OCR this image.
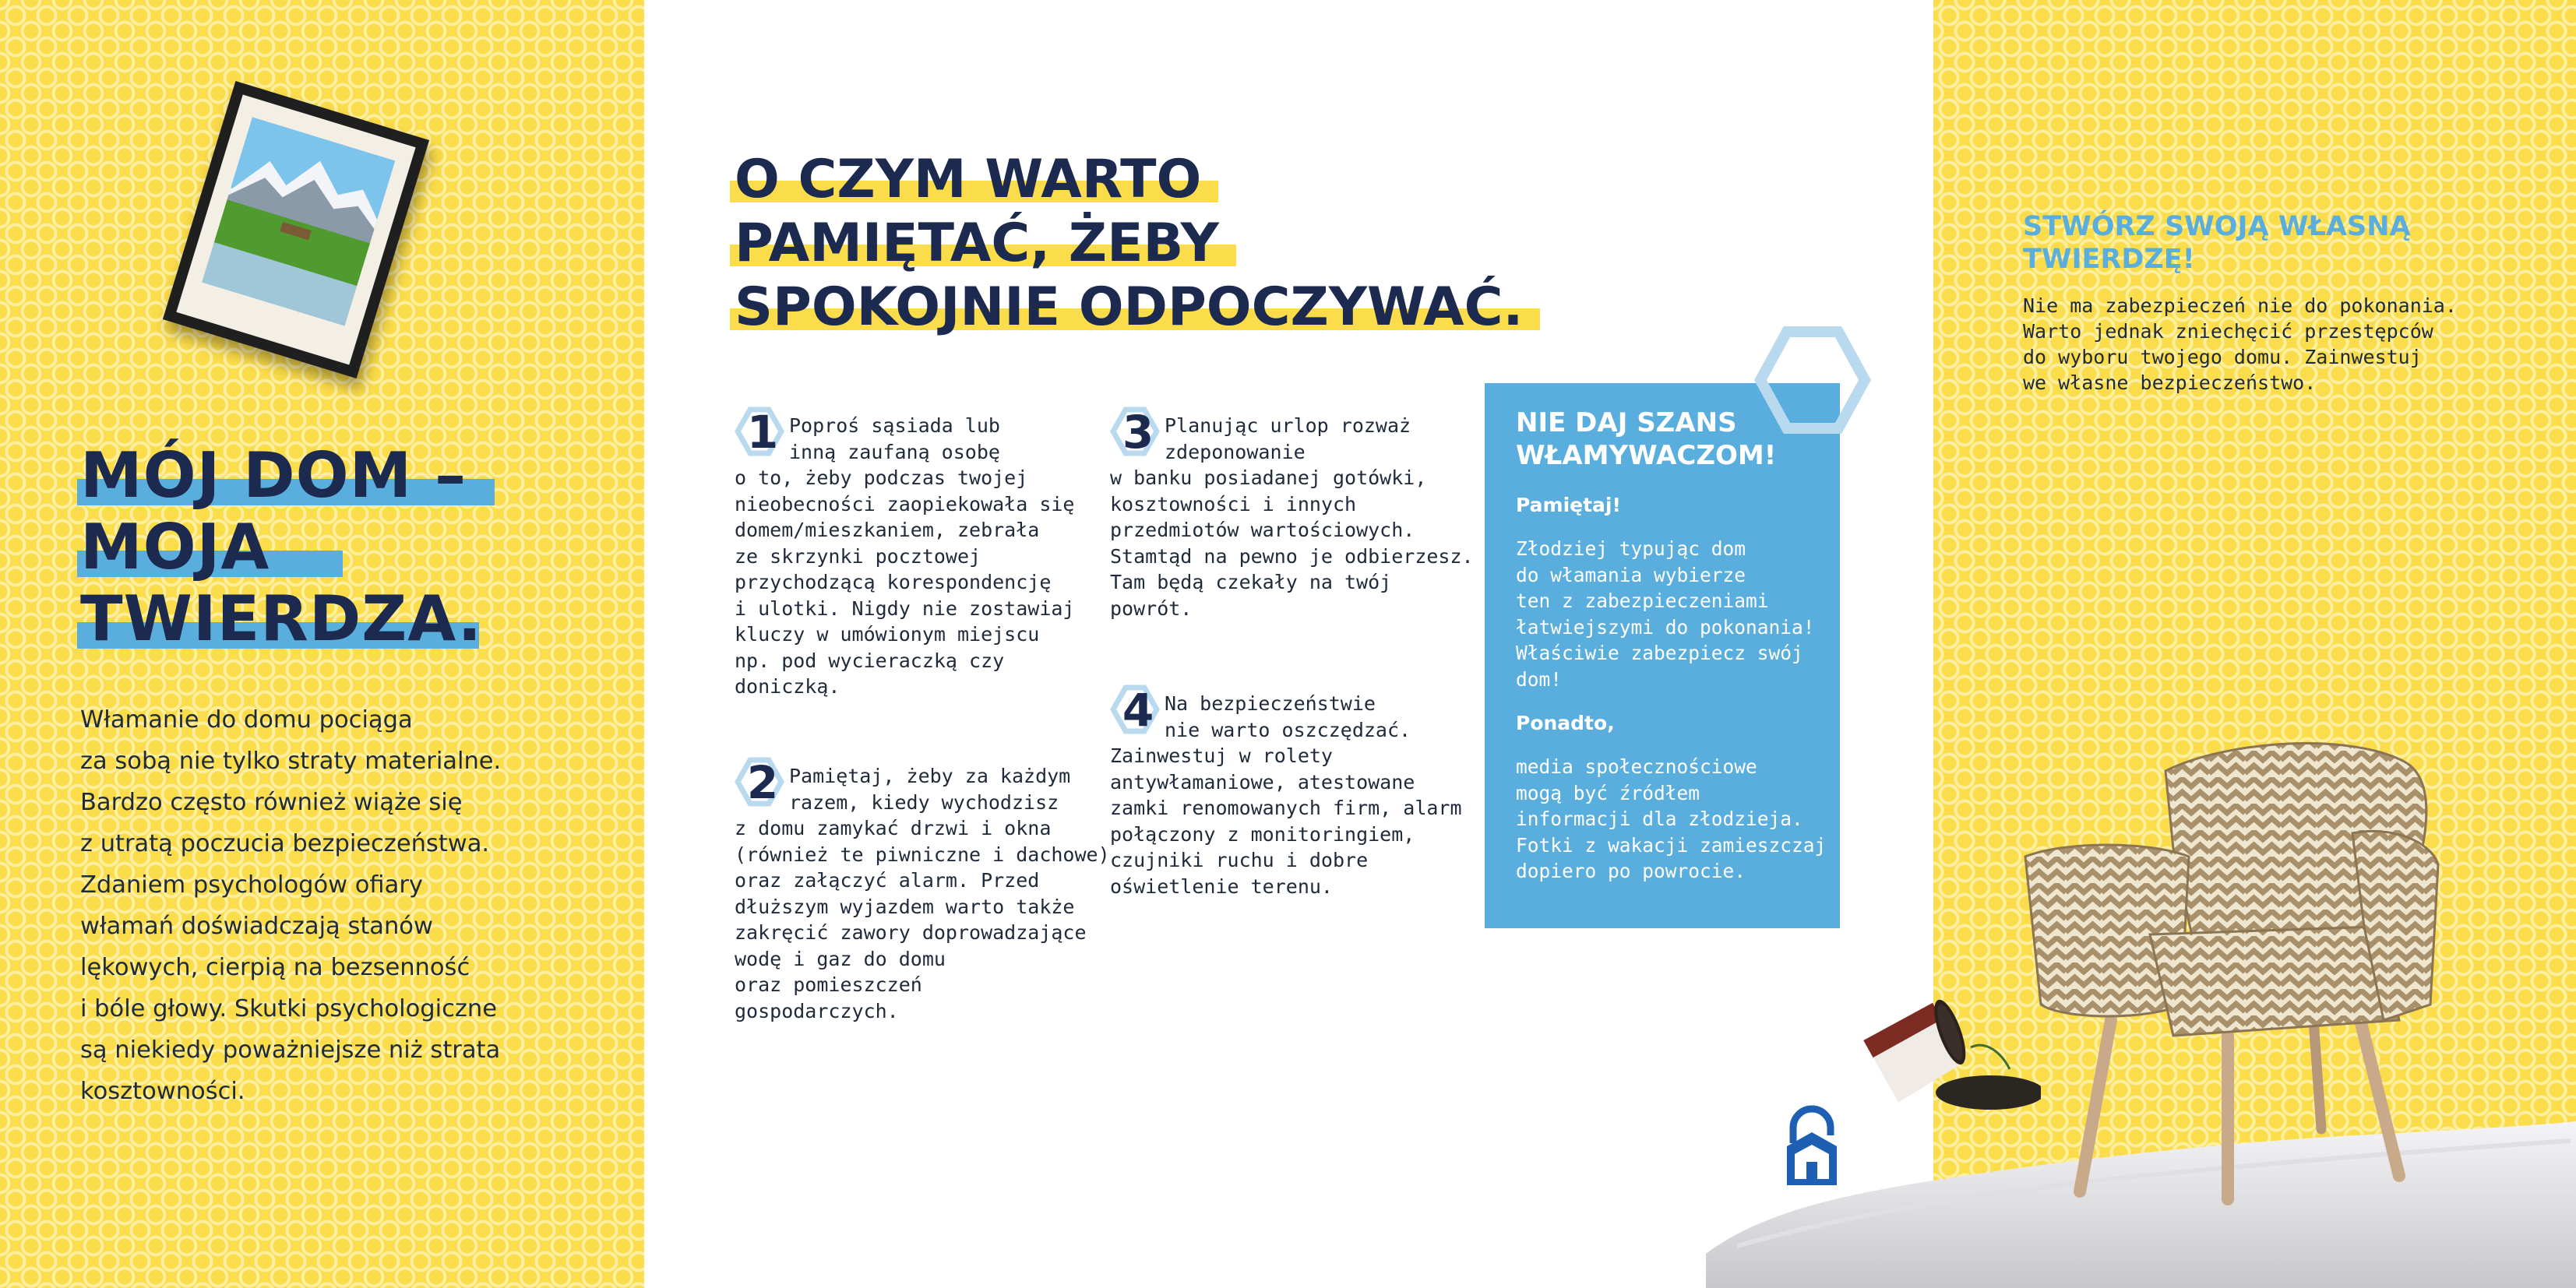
MÓJ DOM –
MOJA
TWIERDZA.

Włamanie do domu pociąga
za sobą nie tylko straty materialne.
Bardzo często również wiąże się
z utratą poczucia bezpieczeństwa.
Zdaniem psychologów ofiary
włamań doświadczają stanów
lękowych, cierpią na bezsenność
i bóle głowy. Skutki psychologiczne
są niekiedy poważniejsze niż strata
kosztowności.

O CZYM WARTO
PAMIĘTAĆ, ŻEBY
SPOKOJNIE ODPOCZYWAĆ.
1 Poproś sąsiada lub
inną zaufaną osobę
o to, żeby podczas twojej
nieobecności zaopiekowała się
domem/mieszkaniem, zebrała
ze skrzynki pocztowej
przychodzącą korespondencję
i ulotki. Nigdy nie zostawiaj
kluczy w umówionym miejscu
np. pod wycieraczką czy
doniczką.
2 Pamiętaj, żeby za każdym
razem, kiedy wychodzisz
z domu zamykać drzwi i okna
(również te piwniczne i dachowe)
oraz załączyć alarm. Przed
dłuższym wyjazdem warto także
zakręcić zawory doprowadzające
wodę i gaz do domu
oraz pomieszczeń
gospodarczych.
3 Planując urlop rozważ
zdeponowanie
w banku posiadanej gotówki,
kosztowności i innych
przedmiotów wartościowych.
Stamtąd na pewno je odbierzesz.
Tam będą czekały na twój
powrót.
4 Na bezpieczeństwie
nie warto oszczędzać.
Zainwestuj w rolety
antywłamaniowe, atestowane
zamki renomowanych firm, alarm
połączony z monitoringiem,
czujniki ruchu i dobre
oświetlenie terenu.
NIE DAJ SZANS
WŁAMYWACZOM!
Pamiętaj!
Złodziej typując dom
do włamania wybierze
ten z zabezpieczeniami
łatwiejszymi do pokonania!
Właściwie zabezpiecz swój
dom!
Ponadto,
media społecznościowe
mogą być źródłem
informacji dla złodzieja.
Fotki z wakacji zamieszczaj
dopiero po powrocie.
STWÓRZ SWOJĄ WŁASNĄ
TWIERDZĘ!
Nie ma zabezpieczeń nie do pokonania.
Warto jednak zniechęcić przestępców
do wyboru twojego domu. Zainwestuj
we własne bezpieczeństwo.
